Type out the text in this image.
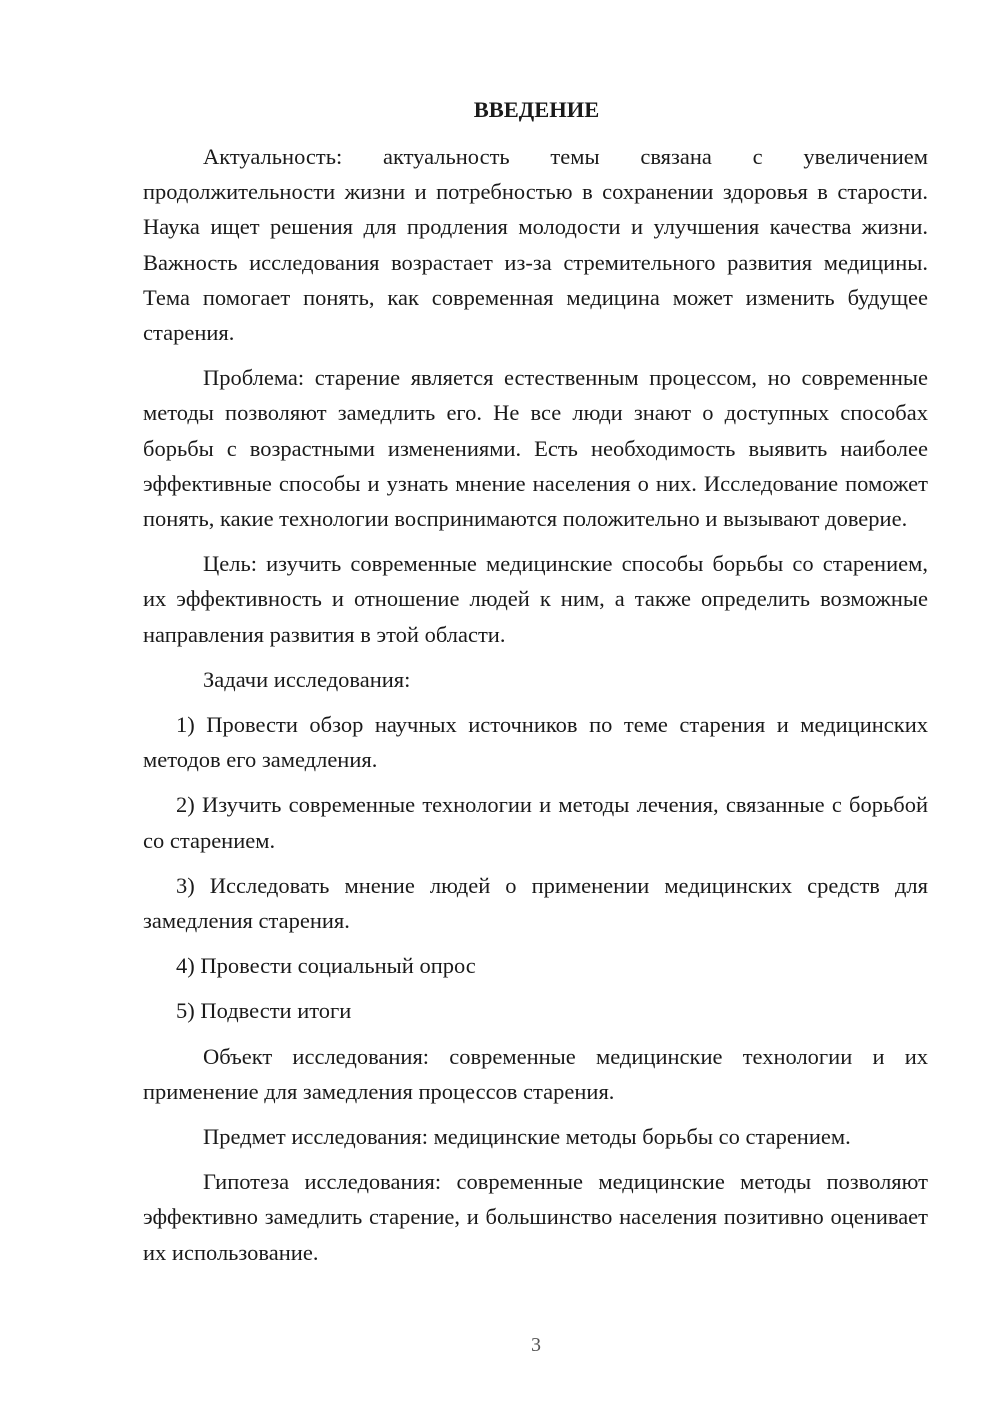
ВВЕДЕНИЕ

Актуальность: актуальность темы связана с увеличением продолжительности жизни и потребностью в сохранении здоровья в старости. Наука ищет решения для продления молодости и улучшения качества жизни. Важность исследования возрастает из-за стремительного развития медицины. Тема помогает понять, как современная медицина может изменить будущее старения.

Проблема: старение является естественным процессом, но современные методы позволяют замедлить его. Не все люди знают о доступных способах борьбы с возрастными изменениями. Есть необходимость выявить наиболее эффективные способы и узнать мнение населения о них. Исследование поможет понять, какие технологии воспринимаются положительно и вызывают доверие.

Цель: изучить современные медицинские способы борьбы со старением, их эффективность и отношение людей к ним, а также определить возможные направления развития в этой области.

Задачи исследования:

1) Провести обзор научных источников по теме старения и медицинских методов его замедления.

2) Изучить современные технологии и методы лечения, связанные с борьбой со старением.

3) Исследовать мнение людей о применении медицинских средств для замедления старения.

4) Провести социальный опрос

5) Подвести итоги

Объект исследования: современные медицинские технологии и их применение для замедления процессов старения.

Предмет исследования: медицинские методы борьбы со старением.

Гипотеза исследования: современные медицинские методы позволяют эффективно замедлить старение, и большинство населения позитивно оценивает их использование.

3
